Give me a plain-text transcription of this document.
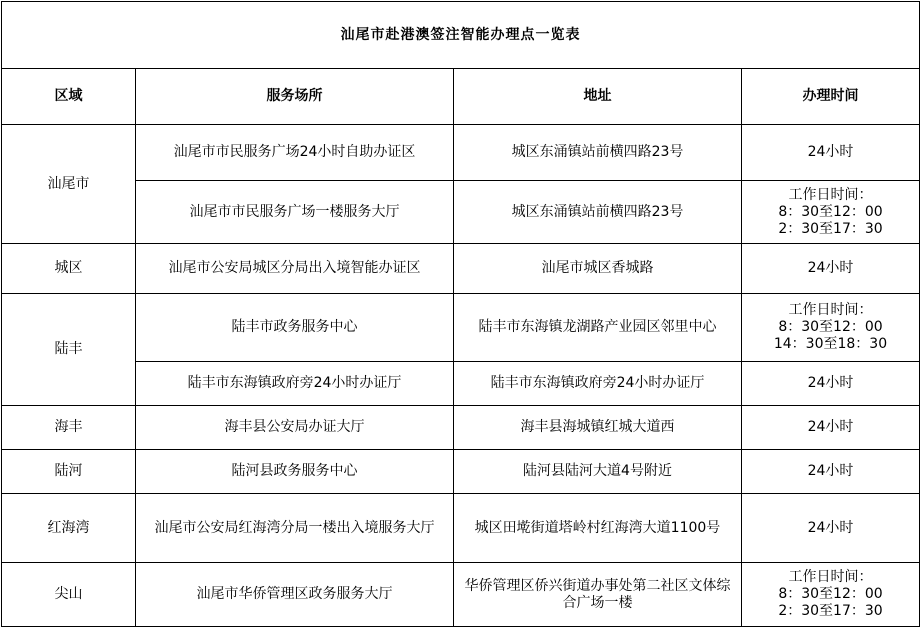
汕尾市赴港澳签注智能办理点一览表			
区域	服务场所	地址	办理时间
汕尾市	汕尾市市民服务广场24小时自助办证区	城区东涌镇站前横四路23号	24小时
	汕尾市市民服务广场一楼服务大厅	城区东涌镇站前横四路23号	工作日时间：
8：30至12：00
2：30至17：30

城区	汕尾市公安局城区分局出入境智能办证区	汕尾市城区香城路	24小时
陆丰	陆丰市政务服务中心	陆丰市东海镇龙湖路产业园区邻里中心	工作日时间：
8：30至12：00
14：30至18：30

	陆丰市东海镇政府旁24小时办证厅	陆丰市东海镇政府旁24小时办证厅	24小时
海丰	海丰县公安局办证大厅	海丰县海城镇红城大道西	24小时
陆河	陆河县政务服务中心	陆河县陆河大道4号附近	24小时
红海湾	汕尾市公安局红海湾分局一楼出入境服务大厅	城区田墘街道塔岭村红海湾大道1100号	24小时
尖山	汕尾市华侨管理区政务服务大厅	华侨管理区侨兴街道办事处第二社区文体综合广场一楼	工作日时间：
8：30至12：00
2：30至17：30
